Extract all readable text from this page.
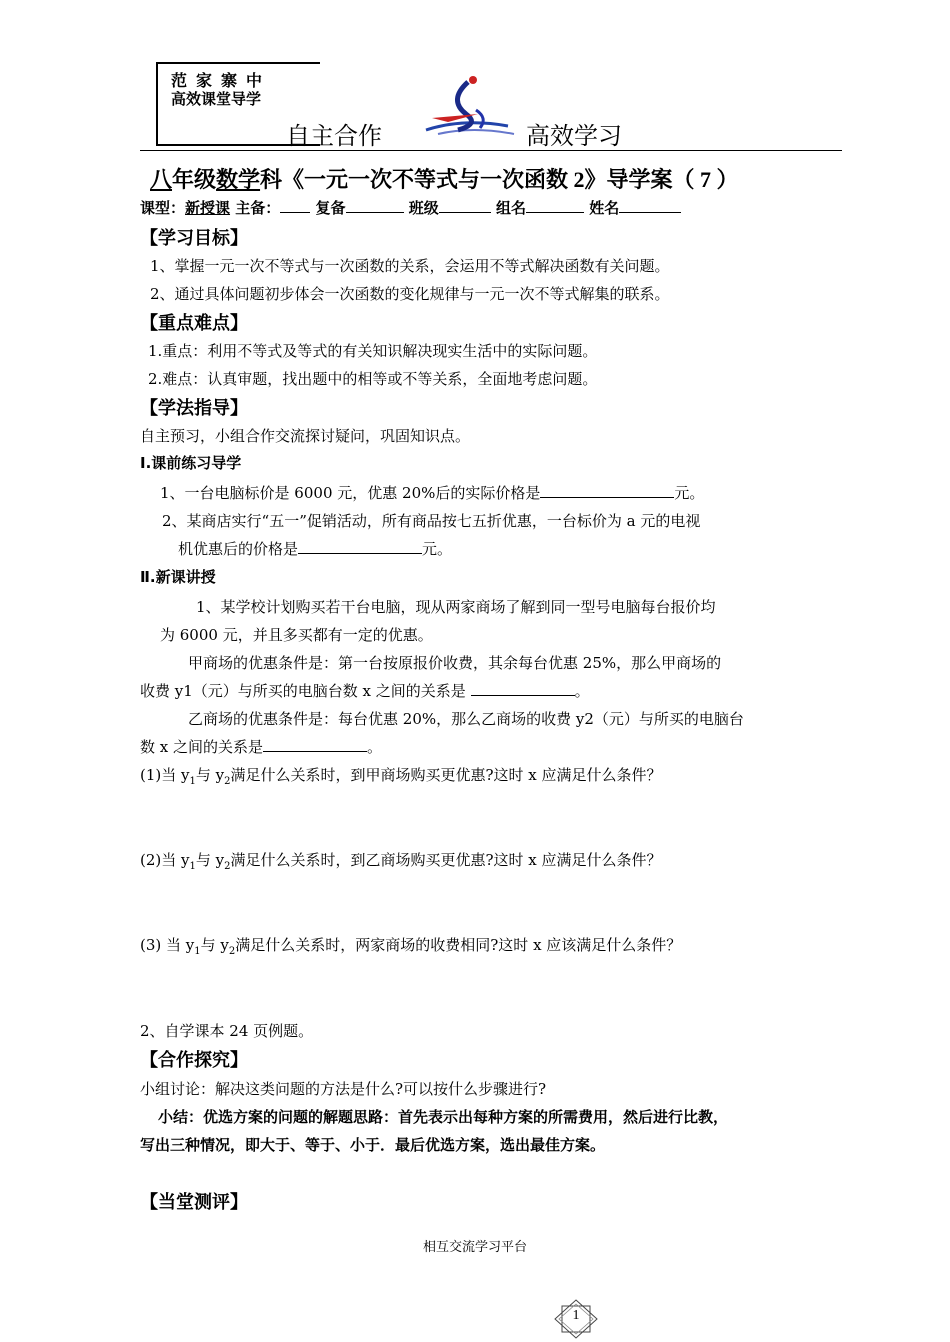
范家寨中
高效课堂导学
自主合作	高效学习
八年级数学科《一元一次不等式与一次函数 2》导学案（ 7 ）
课型：新授课 主备： 复备	班级	组名	姓名
【学习目标】
1、掌握一元一次不等式与一次函数的关系，会运用不等式解决函数有关问题。
2、通过具体问题初步体会一次函数的变化规律与一元一次不等式解集的联系。
【重点难点】
1.重点：利用不等式及等式的有关知识解决现实生活中的实际问题。
2.难点：认真审题，找出题中的相等或不等关系，全面地考虑问题。
【学法指导】
自主预习，小组合作交流探讨疑问，巩固知识点。
Ⅰ.课前练习导学
1、一台电脑标价是 6000 元，优惠 20%后的实际价格是	元。
2、某商店实行“五一”促销活动，所有商品按七五折优惠，一台标价为 a 元的电视
机优惠后的价格是	元。
Ⅱ.新课讲授
1、某学校计划购买若干台电脑，现从两家商场了解到同一型号电脑每台报价均
为 6000 元，并且多买都有一定的优惠。
甲商场的优惠条件是：第一台按原报价收费，其余每台优惠 25%，那么甲商场的
收费 y1（元）与所买的电脑台数 x 之间的关系是	。
乙商场的优惠条件是：每台优惠 20%，那么乙商场的收费 y2（元）与所买的电脑台
数 x 之间的关系是	。
(1)当 $y_1$与 $y_2$满足什么关系时，到甲商场购买更优惠?这时 x 应满足什么条件？
(2)当 $y_1$与 $y_2$满足什么关系时，到乙商场购买更优惠?这时 x 应满足什么条件？
(3) 当 $y_1$与 $y_2$满足什么关系时，两家商场的收费相同?这时 x 应该满足什么条件？
2、自学课本 24 页例题。
【合作探究】
小组讨论：解决这类问题的方法是什么?可以按什么步骤进行?
小结：优选方案的问题的解题思路：首先表示出每种方案的所需费用，然后进行比教，
写出三种情况，即大于、等于、小于．最后优选方案，选出最佳方案。
【当堂测评】
相互交流学习平台
1
